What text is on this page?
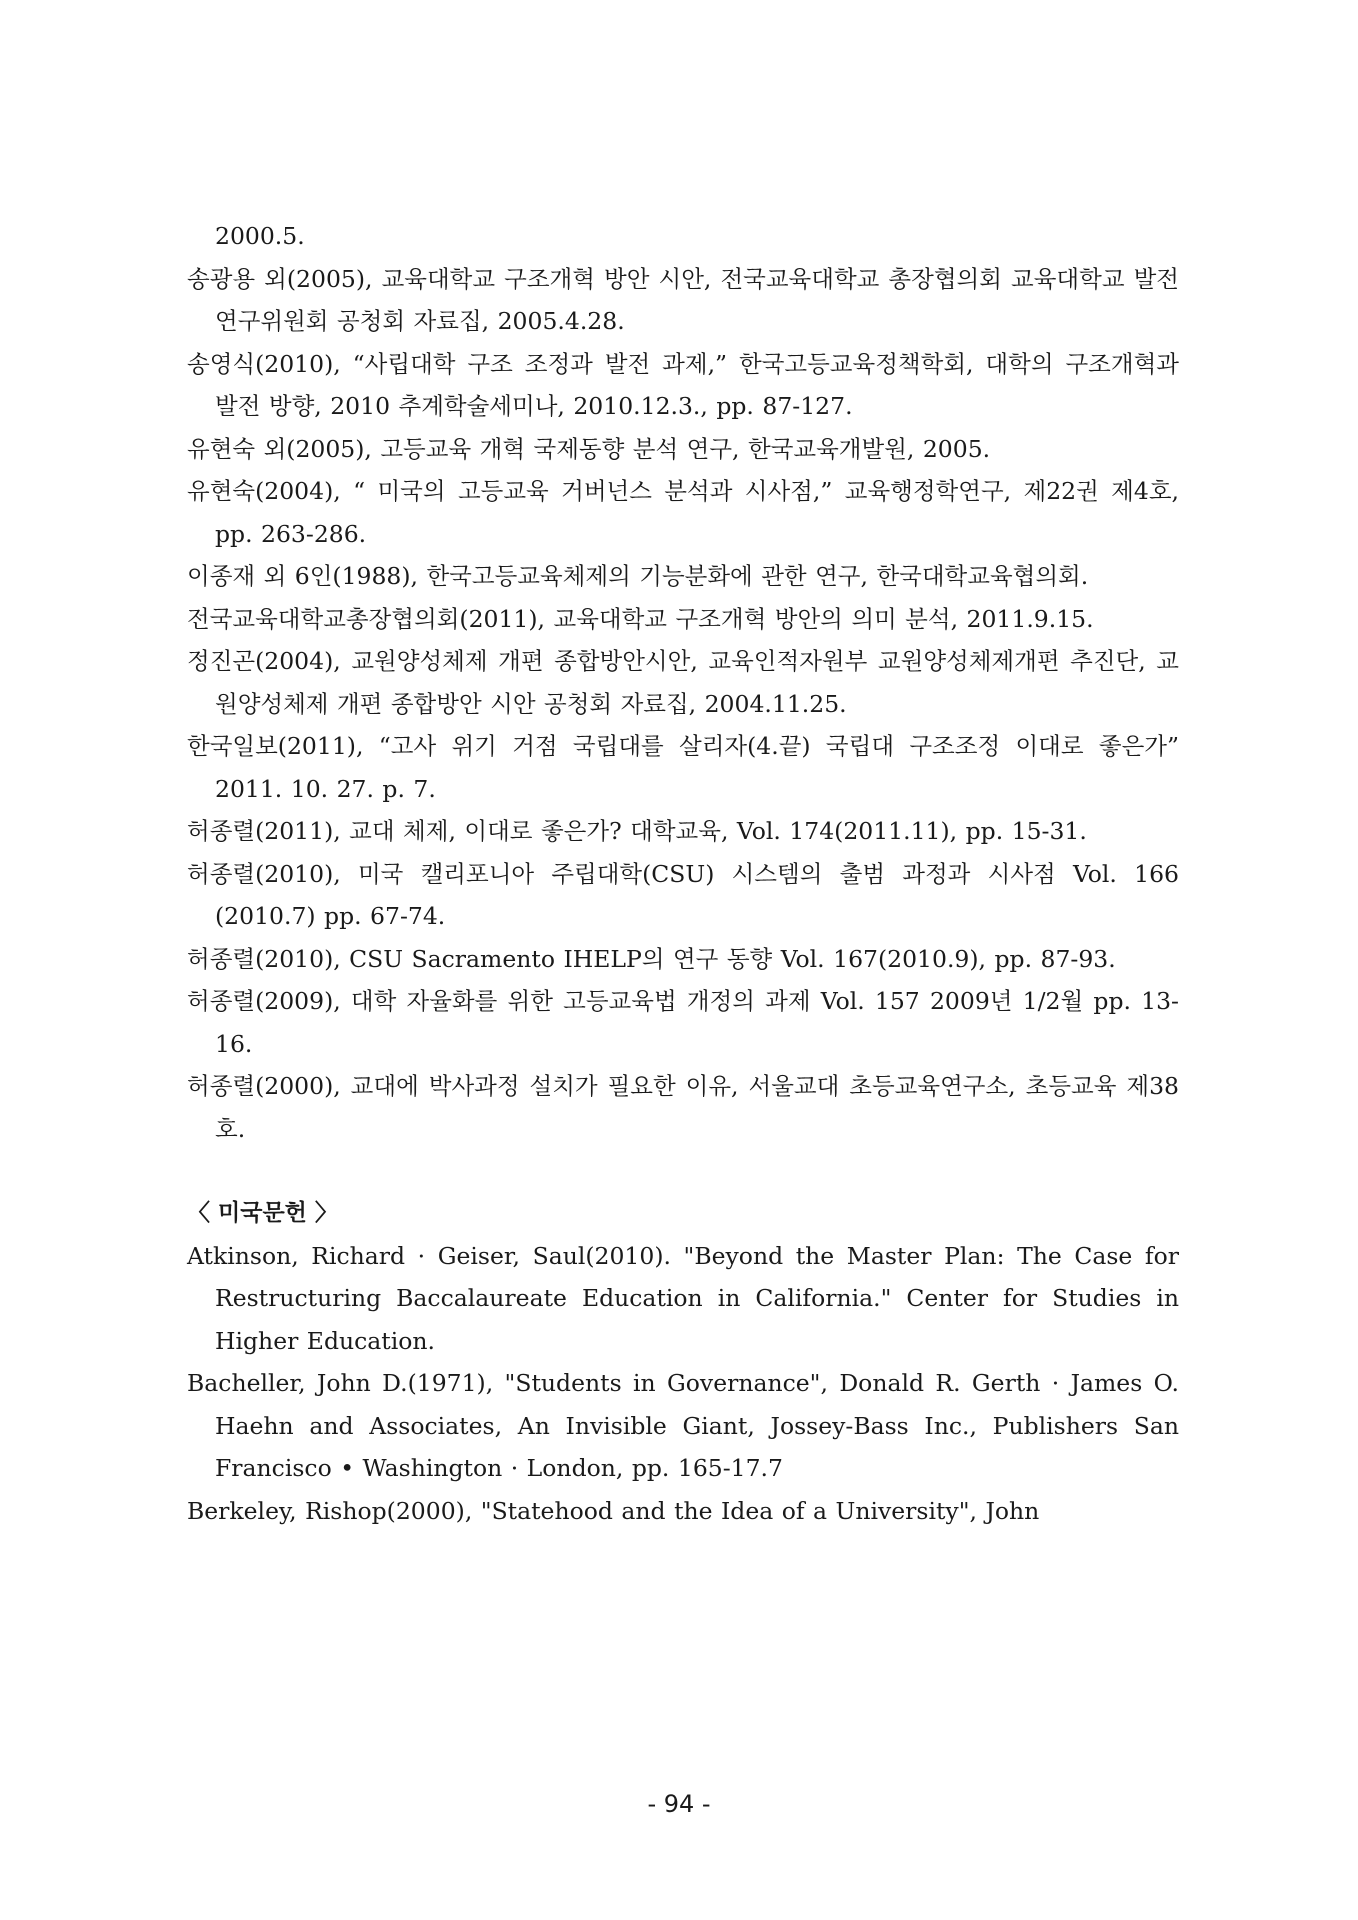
2000.5.

송광용 외(2005), 교육대학교 구조개혁 방안 시안, 전국교육대학교 총장협의회 교육대학교 발전연구위원회 공청회 자료집, 2005.4.28.

송영식(2010), “사립대학 구조 조정과 발전 과제,” 한국고등교육정책학회, 대학의 구조개혁과 발전 방향, 2010 추계학술세미나, 2010.12.3., pp. 87-127.

유현숙 외(2005), 고등교육 개혁 국제동향 분석 연구, 한국교육개발원, 2005.

유현숙(2004), “ 미국의 고등교육 거버넌스 분석과 시사점,” 교육행정학연구, 제22권 제4호, pp. 263-286.

이종재 외 6인(1988), 한국고등교육체제의 기능분화에 관한 연구, 한국대학교육협의회.

전국교육대학교총장협의회(2011), 교육대학교 구조개혁 방안의 의미 분석, 2011.9.15.

정진곤(2004), 교원양성체제 개편 종합방안시안, 교육인적자원부 교원양성체제개편 추진단, 교원양성체제 개편 종합방안 시안 공청회 자료집, 2004.11.25.

한국일보(2011), “고사 위기 거점 국립대를 살리자(4.끝) 국립대 구조조정 이대로 좋은가” 2011. 10. 27. p. 7.

허종렬(2011), 교대 체제, 이대로 좋은가? 대학교육, Vol. 174(2011.11), pp. 15-31.

허종렬(2010), 미국 캘리포니아 주립대학(CSU) 시스템의 출범 과정과 시사점 Vol. 166 (2010.7) pp. 67-74.

허종렬(2010), CSU Sacramento IHELP의 연구 동향 Vol. 167(2010.9), pp. 87-93.

허종렬(2009), 대학 자율화를 위한 고등교육법 개정의 과제 Vol. 157 2009년 1/2월 pp. 13-16.

허종렬(2000), 교대에 박사과정 설치가 필요한 이유, 서울교대 초등교육연구소, 초등교육 제38호.

〈 미국문헌 〉

Atkinson, Richard · Geiser, Saul(2010). "Beyond the Master Plan: The Case for Restructuring Baccalaureate Education in California." Center for Studies in Higher Education.

Bacheller, John D.(1971), "Students in Governance", Donald R. Gerth · James O. Haehn and Associates, An Invisible Giant, Jossey-Bass Inc., Publishers San Francisco • Washington · London, pp. 165-17.7

Berkeley, Rishop(2000), "Statehood and the Idea of a University", John

- 94 -
